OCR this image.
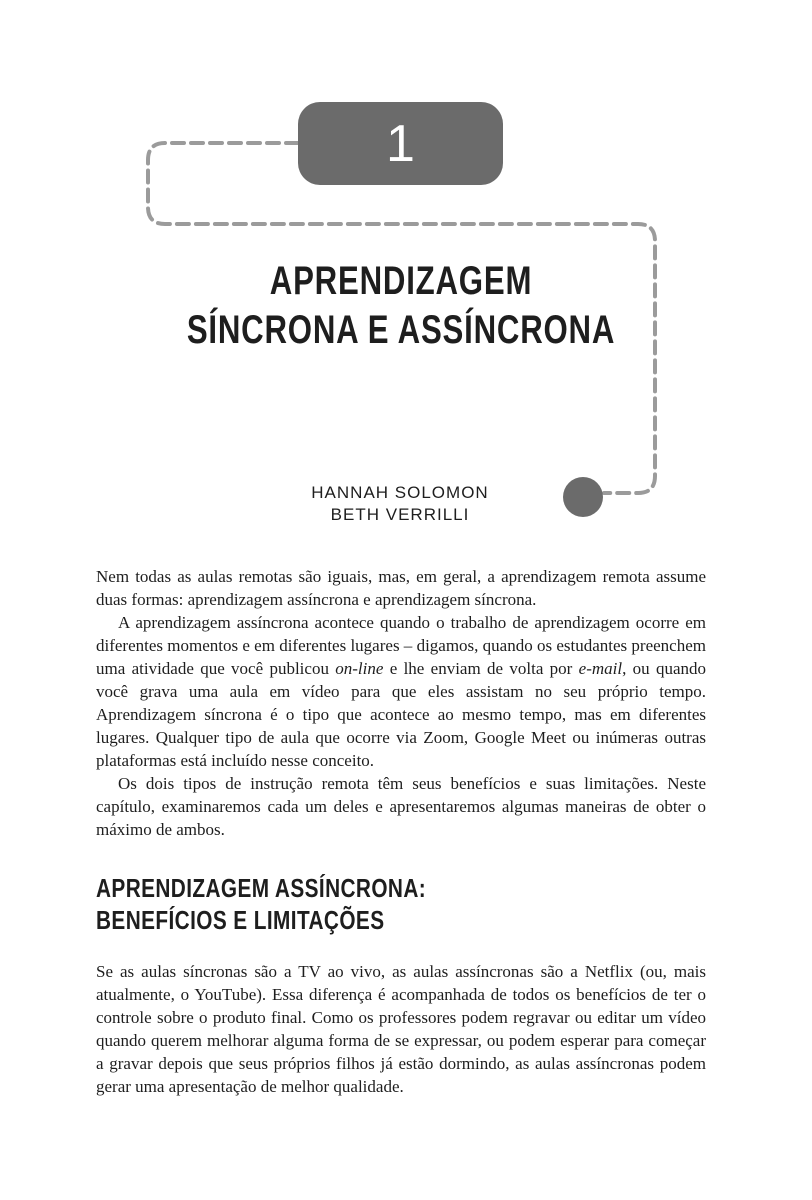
1
APRENDIZAGEM
SÍNCRONA E ASSÍNCRONA
HANNAH SOLOMON
BETH VERRILLI

Nem todas as aulas remotas são iguais, mas, em geral, a aprendizagem remota assume duas formas: aprendizagem assíncrona e aprendizagem síncrona.

A aprendizagem assíncrona acontece quando o trabalho de aprendizagem ocorre em diferentes momentos e em diferentes lugares – digamos, quando os estudantes preenchem uma atividade que você publicou on-line e lhe enviam de volta por e-mail, ou quando você grava uma aula em vídeo para que eles assistam no seu próprio tempo. Aprendizagem síncrona é o tipo que acontece ao mesmo tempo, mas em diferentes lugares. Qualquer tipo de aula que ocorre via Zoom, Google Meet ou inúmeras outras plataformas está incluído nesse conceito.

Os dois tipos de instrução remota têm seus benefícios e suas limitações. Neste capítulo, examinaremos cada um deles e apresentaremos algumas maneiras de obter o máximo de ambos.

APRENDIZAGEM ASSÍNCRONA:
BENEFÍCIOS E LIMITAÇÕES

Se as aulas síncronas são a TV ao vivo, as aulas assíncronas são a Netflix (ou, mais atualmente, o YouTube). Essa diferença é acompanhada de todos os benefícios de ter o controle sobre o produto final. Como os professores podem regravar ou editar um vídeo quando querem melhorar alguma forma de se expressar, ou podem esperar para começar a gravar depois que seus próprios filhos já estão dormindo, as aulas assíncronas podem gerar uma apresentação de melhor qualidade.
